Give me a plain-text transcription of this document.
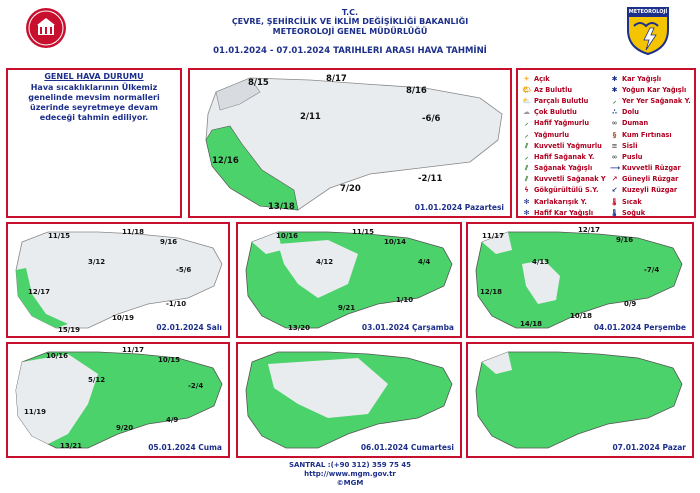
METEOROLOJİ
T.C.
ÇEVRE, ŞEHİRCİLİK VE İKLİM DEĞİŞİKLİĞİ BAKANLIĞI
METEOROLOJİ GENEL MÜDÜRLÜĞÜ
01.01.2024 - 07.01.2024 TARIHLERI ARASI HAVA TAHMİNİ
GENEL HAVA DURUMU
Hava sıcaklıklarının Ülkemiz genelinde mevsim normalleri üzerinde seyretmeye devam edeceği tahmin ediliyor.
8/15	8/17
8/16
2/11	-6/6
12/16
-2/11
7/20
13/18	01.01.2024 Pazartesi
☀ Açık
🌤 Az Bulutlu
⛅ Parçalı Bulutlu
☁ Çok Bulutlu
⸝ Hafif Yağmurlu
⸝ Yağmurlu
⫽ Kuvvetli Yağmurlu
⸝ Hafif Sağanak Y.
⫽ Sağanak Yağışlı
⫽ Kuvvetli Sağanak Y
ϟ Gökgürültülü S.Y.
✻ Karlakarışık Y.
✻ Hafif Kar Yağışlı
✱ Kar Yağışlı
✱ Yoğun Kar Yağışlı
⸝ Yer Yer Sağanak Y.
∴ Dolu
∞ Duman
§ Kum Fırtınası
≡ Sisli
∞ Puslu
⟶ Kuvvetli Rüzgar
↗ Güneyli Rüzgar
↙ Kuzeyli Rüzgar
🌡 Sıcak
🌡 Soğuk
11/15	11/18
9/16
3/12
12/17
-5/6
-1/10
10/19
15/19	02.01.2024 Salı
10/16	11/15
10/14
4/12	4/4
9/21
1/10
13/20	03.01.2024 Çarşamba
11/17
12/17
9/16
4/13
12/18
-7/4
0/9
10/18
14/18	04.01.2024 Perşembe
10/16
11/17
10/15
5/12
-2/4
11/19
4/9
9/20
13/21	05.01.2024 Cuma	06.01.2024 Cumartesi	07.01.2024 Pazar
SANTRAL :(+90 312) 359 75 45
http://www.mgm.gov.tr
©MGM
